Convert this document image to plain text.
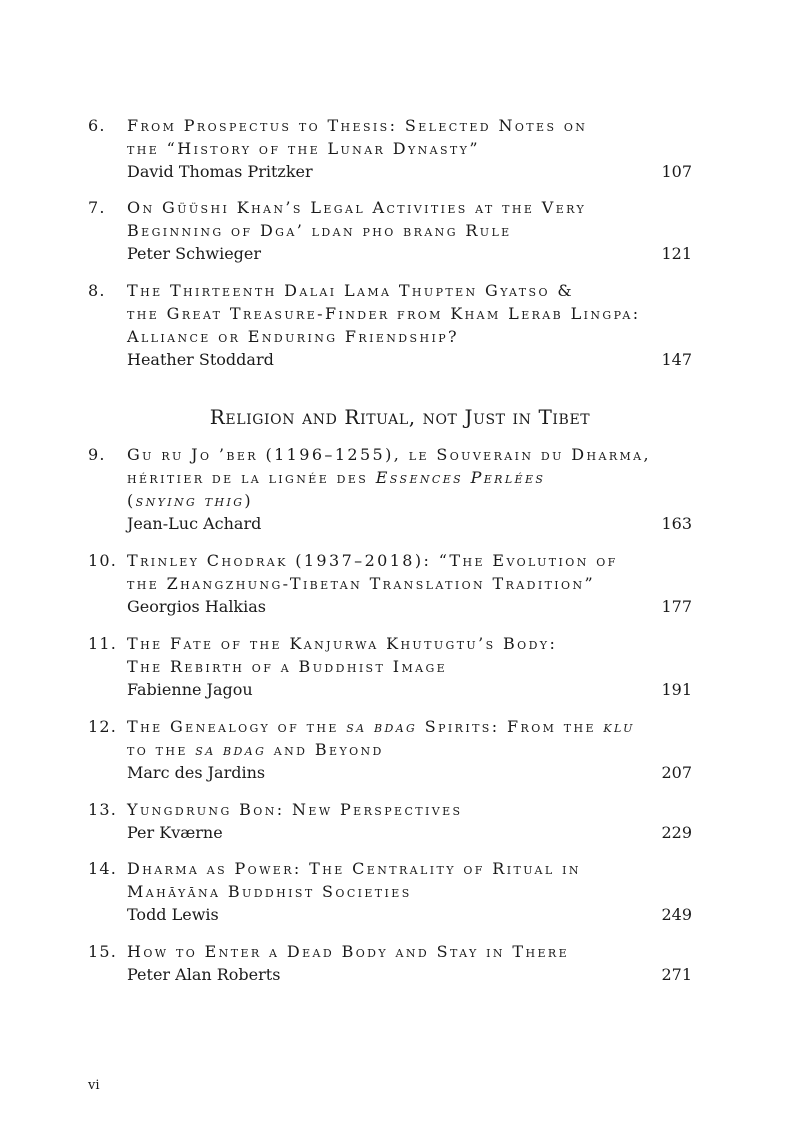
6.	From Prospectus to Thesis: Selected Notes on
the “History of the Lunar Dynasty”
David Thomas Pritzker	107
7.	On Güüshi Khan’s Legal Activities at the Very
Beginning of Dga’ ldan pho brang Rule
Peter Schwieger	121
8.	The Thirteenth Dalai Lama Thupten Gyatso &
the Great Treasure-Finder from Kham Lerab Lingpa:
Alliance or Enduring Friendship?
Heather Stoddard	147
Religion and Ritual, not Just in Tibet
9.	Gu ru Jo ’ber (1196–1255), le Souverain du Dharma,
héritier de la lignée des Essences Perlées
(snying thig)
Jean-Luc Achard	163
10. Trinley Chodrak (1937–2018): “The Evolution of
the Zhangzhung-Tibetan Translation Tradition”
Georgios Halkias	177
11. The Fate of the Kanjurwa Khutugtu’s Body:
The Rebirth of a Buddhist Image
Fabienne Jagou	191
12. The Genealogy of the sa bdag Spirits: From the klu
to the sa bdag and Beyond
Marc des Jardins	207
13. Yungdrung Bon: New Perspectives
Per Kværne	229
14. Dharma as Power: The Centrality of Ritual in
Mahāyāna Buddhist Societies
Todd Lewis	249
15. How to Enter a Dead Body and Stay in There
Peter Alan Roberts	271
vi
